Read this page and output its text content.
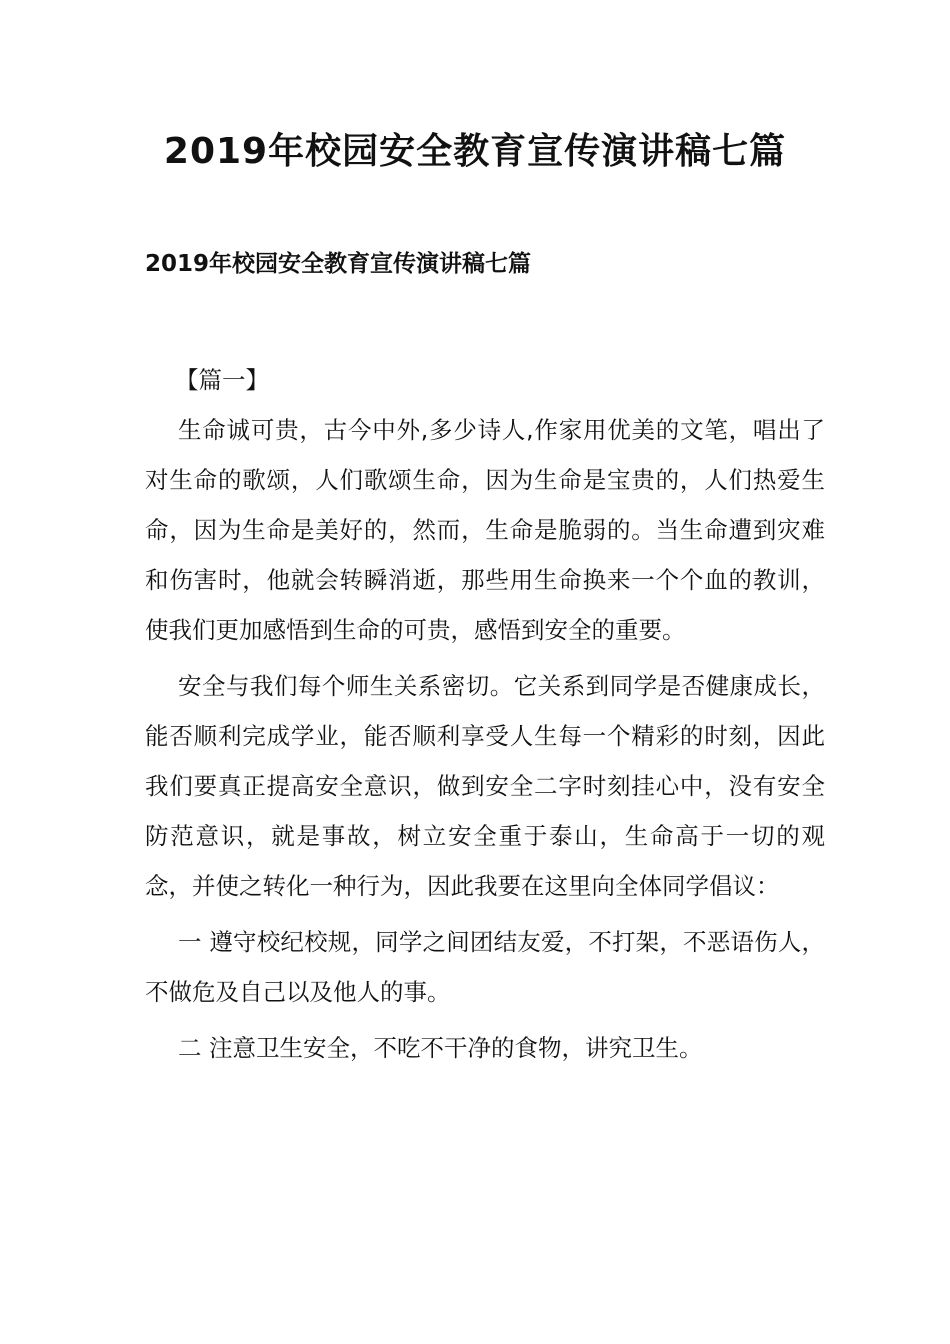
2019年校园安全教育宣传演讲稿七篇
2019年校园安全教育宣传演讲稿七篇

【篇一】

生命诚可贵，古今中外,多少诗人,作家用优美的文笔，唱出了对生命的歌颂，人们歌颂生命，因为生命是宝贵的，人们热爱生命，因为生命是美好的，然而，生命是脆弱的。当生命遭到灾难和伤害时，他就会转瞬消逝，那些用生命换来一个个血的教训，使我们更加感悟到生命的可贵，感悟到安全的重要。

安全与我们每个师生关系密切。它关系到同学是否健康成长，能否顺利完成学业，能否顺利享受人生每一个精彩的时刻，因此我们要真正提高安全意识，做到安全二字时刻挂心中，没有安全防范意识，就是事故，树立安全重于泰山，生命高于一切的观念，并使之转化一种行为，因此我要在这里向全体同学倡议：

一 遵守校纪校规，同学之间团结友爱，不打架，不恶语伤人，不做危及自己以及他人的事。

二 注意卫生安全，不吃不干净的食物，讲究卫生。
